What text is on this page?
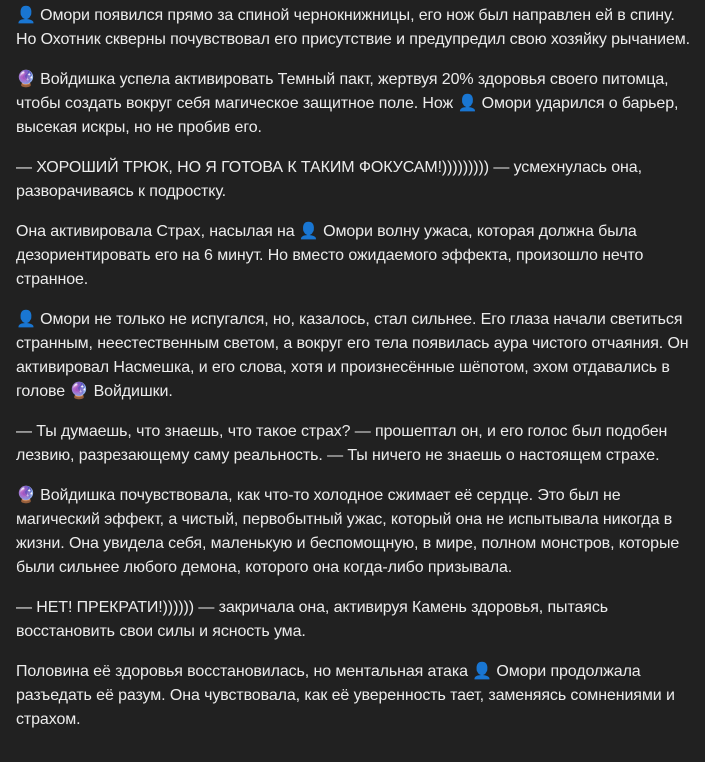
👤 Омори появился прямо за спиной чернокнижницы, его нож был направлен ей в спину. Но Охотник скверны почувствовал его присутствие и предупредил свою хозяйку рычанием.

🔮 Войдишка успела активировать Темный пакт, жертвуя 20% здоровья своего питомца, чтобы создать вокруг себя магическое защитное поле. Нож 👤 Омори ударился о барьер, высекая искры, но не пробив его.

— ХОРОШИЙ ТРЮК, НО Я ГОТОВА К ТАКИМ ФОКУСАМ!))))))))) — усмехнулась она, разворачиваясь к подростку.

Она активировала Страх, насылая на 👤 Омори волну ужаса, которая должна была дезориентировать его на 6 минут. Но вместо ожидаемого эффекта, произошло нечто странное.

👤 Омори не только не испугался, но, казалось, стал сильнее. Его глаза начали светиться странным, неестественным светом, а вокруг его тела появилась аура чистого отчаяния. Он активировал Насмешка, и его слова, хотя и произнесённые шёпотом, эхом отдавались в голове 🔮 Войдишки.

— Ты думаешь, что знаешь, что такое страх? — прошептал он, и его голос был подобен лезвию, разрезающему саму реальность. — Ты ничего не знаешь о настоящем страхе.

🔮 Войдишка почувствовала, как что-то холодное сжимает её сердце. Это был не магический эффект, а чистый, первобытный ужас, который она не испытывала никогда в жизни. Она увидела себя, маленькую и беспомощную, в мире, полном монстров, которые были сильнее любого демона, которого она когда-либо призывала.

— НЕТ! ПРЕКРАТИ!)))))) — закричала она, активируя Камень здоровья, пытаясь восстановить свои силы и ясность ума.

Половина её здоровья восстановилась, но ментальная атака 👤 Омори продолжала разъедать её разум. Она чувствовала, как её уверенность тает, заменяясь сомнениями и страхом.
